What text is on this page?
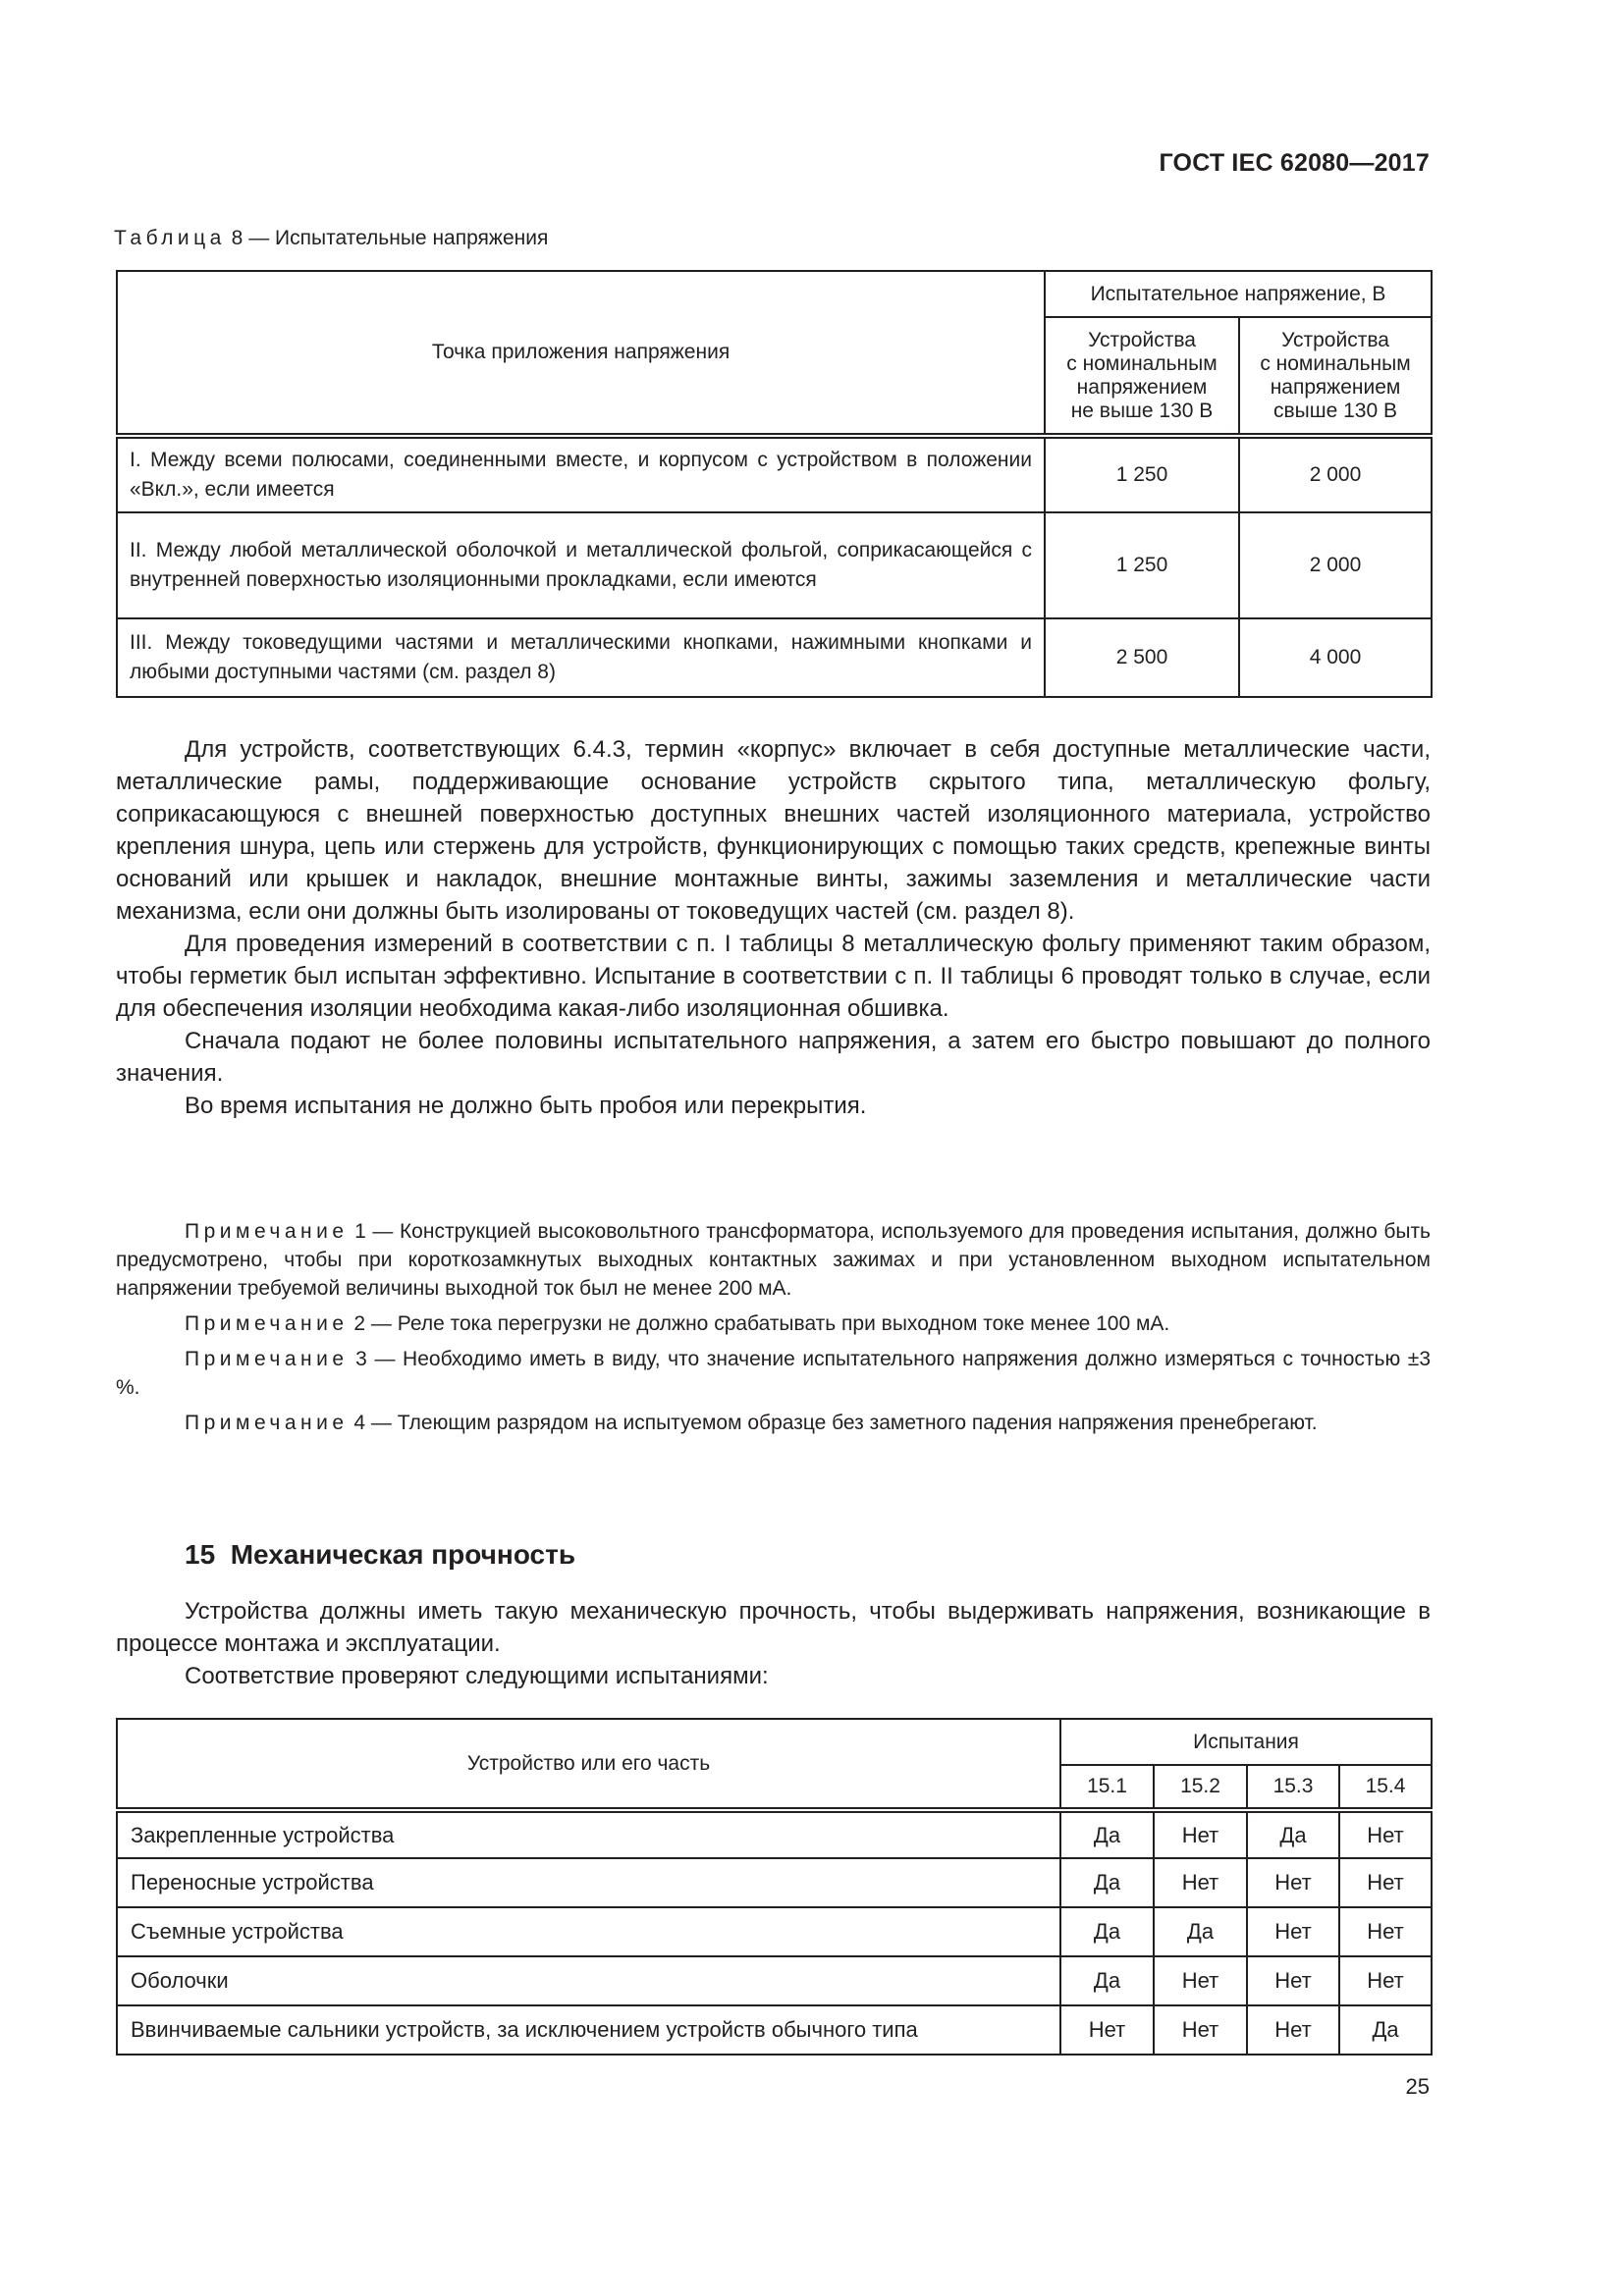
ГОСТ IEC 62080—2017
Таблица 8 — Испытательные напряжения
Точка приложения напряжения	Испытательное напряжение, В	

Устройства
с номинальным
напряжением
не выше 130 В

Устройства
с номинальным
напряжением
свыше 130 В

I. Между всеми полюсами, соединенными вместе, и корпусом с устройством в положении «Вкл.», если имеется	1 250	2 000
II. Между любой металлической оболочкой и металлической фольгой, соприкасающейся с внутренней поверхностью изоляционными прокладками, если имеются	1 250	2 000
III. Между токоведущими частями и металлическими кнопками, нажимными кнопками и любыми доступными частями (см. раздел 8)	2 500	4 000

Для устройств, соответствующих 6.4.3, термин «корпус» включает в себя доступные металлические части, металлические рамы, поддерживающие основание устройств скрытого типа, металлическую фольгу, соприкасающуюся с внешней поверхностью доступных внешних частей изоляционного материала, устройство крепления шнура, цепь или стержень для устройств, функционирующих с помощью таких средств, крепежные винты оснований или крышек и накладок, внешние монтажные винты, зажимы заземления и металлические части механизма, если они должны быть изолированы от токоведущих частей (см. раздел 8).

Для проведения измерений в соответствии с п. I таблицы 8 металлическую фольгу применяют таким образом, чтобы герметик был испытан эффективно. Испытание в соответствии с п. II таблицы 6 проводят только в случае, если для обеспечения изоляции необходима какая-либо изоляционная обшивка.

Сначала подают не более половины испытательного напряжения, а затем его быстро повышают до полного значения.

Во время испытания не должно быть пробоя или перекрытия.

Примечание 1 — Конструкцией высоковольтного трансформатора, используемого для проведения испытания, должно быть предусмотрено, чтобы при короткозамкнутых выходных контактных зажимах и при установленном выходном испытательном напряжении требуемой величины выходной ток был не менее 200 мА.

Примечание 2 — Реле тока перегрузки не должно срабатывать при выходном токе менее 100 мА.

Примечание 3 — Необходимо иметь в виду, что значение испытательного напряжения должно измеряться с точностью ±3 %.

Примечание 4 — Тлеющим разрядом на испытуемом образце без заметного падения напряжения пренебрегают.

15  Механическая прочность

Устройства должны иметь такую механическую прочность, чтобы выдерживать напряжения, возникающие в процессе монтажа и эксплуатации.

Соответствие проверяют следующими испытаниями:

Устройство или его часть	Испытания			
	15.1	15.2	15.3	15.4
Закрепленные устройства	Да	Нет	Да	Нет
Переносные устройства	Да	Нет	Нет	Нет
Съемные устройства	Да	Да	Нет	Нет
Оболочки	Да	Нет	Нет	Нет
Ввинчиваемые сальники устройств, за исключением устройств обычного типа	Нет	Нет	Нет	Да
25
